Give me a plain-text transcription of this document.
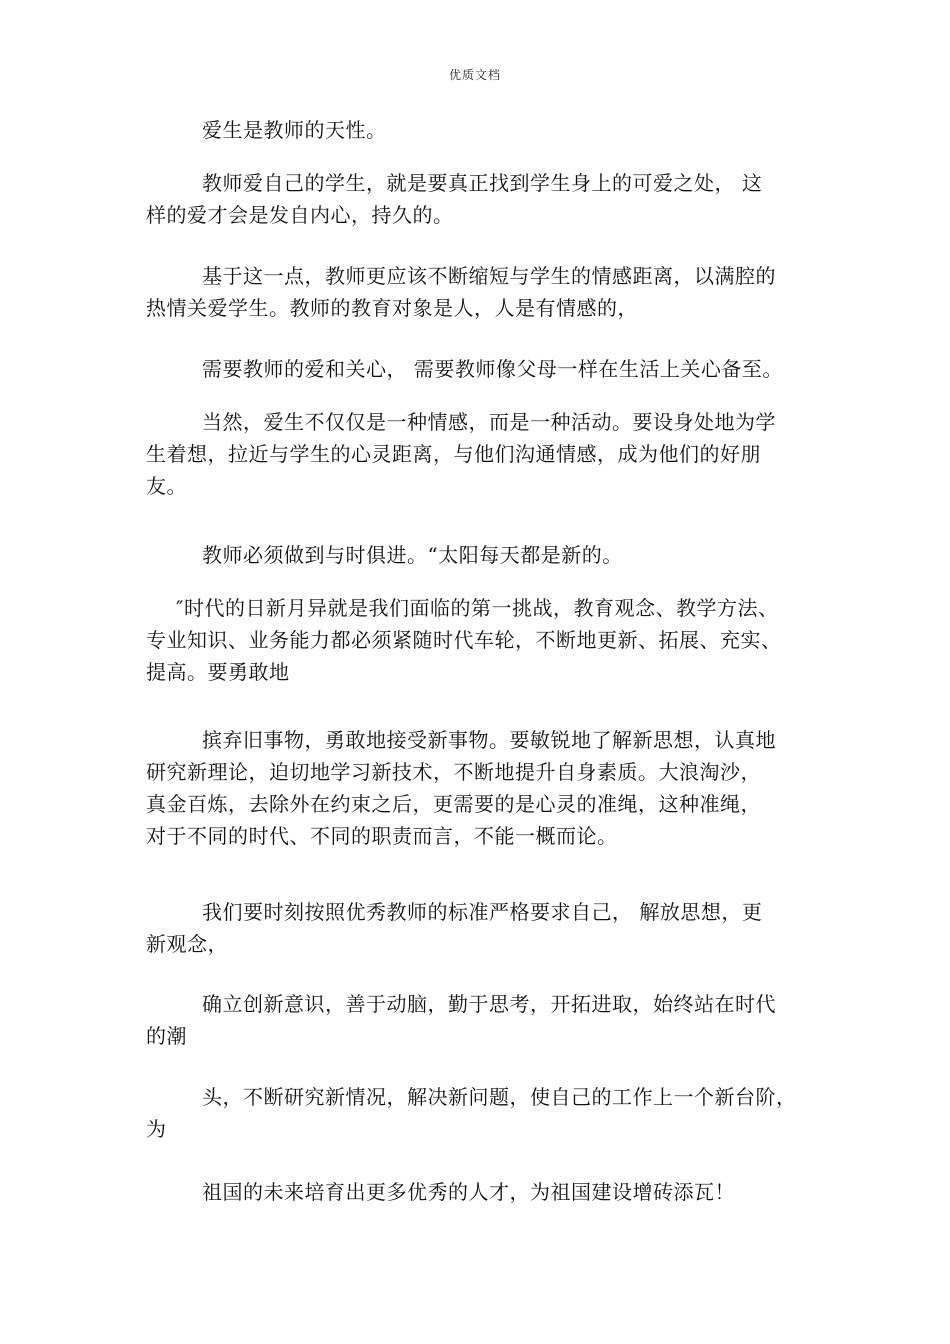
优质文档
爱生是教师的天性。
教师爱自己的学生，就是要真正找到学生身上的可爱之处， 这
样的爱才会是发自内心，持久的。
基于这一点，教师更应该不断缩短与学生的情感距离，以满腔的
热情关爱学生。教师的教育对象是人，人是有情感的，
需要教师的爱和关心， 需要教师像父母一样在生活上关心备至。
当然，爱生不仅仅是一种情感，而是一种活动。要设身处地为学
生着想，拉近与学生的心灵距离，与他们沟通情感，成为他们的好朋
友。
教师必须做到与时俱进。“太阳每天都是新的。
″时代的日新月异就是我们面临的第一挑战，教育观念、教学方法、
专业知识、业务能力都必须紧随时代车轮，不断地更新、拓展、充实、
提高。要勇敢地
摈弃旧事物，勇敢地接受新事物。要敏锐地了解新思想，认真地
研究新理论，迫切地学习新技术，不断地提升自身素质。大浪淘沙，
真金百炼，去除外在约束之后，更需要的是心灵的准绳，这种准绳，
对于不同的时代、不同的职责而言，不能一概而论。
我们要时刻按照优秀教师的标准严格要求自己， 解放思想，更
新观念，
确立创新意识，善于动脑，勤于思考，开拓进取，始终站在时代
的潮
头，不断研究新情况，解决新问题，使自己的工作上一个新台阶，
为
祖国的未来培育出更多优秀的人才，为祖国建设增砖添瓦！
